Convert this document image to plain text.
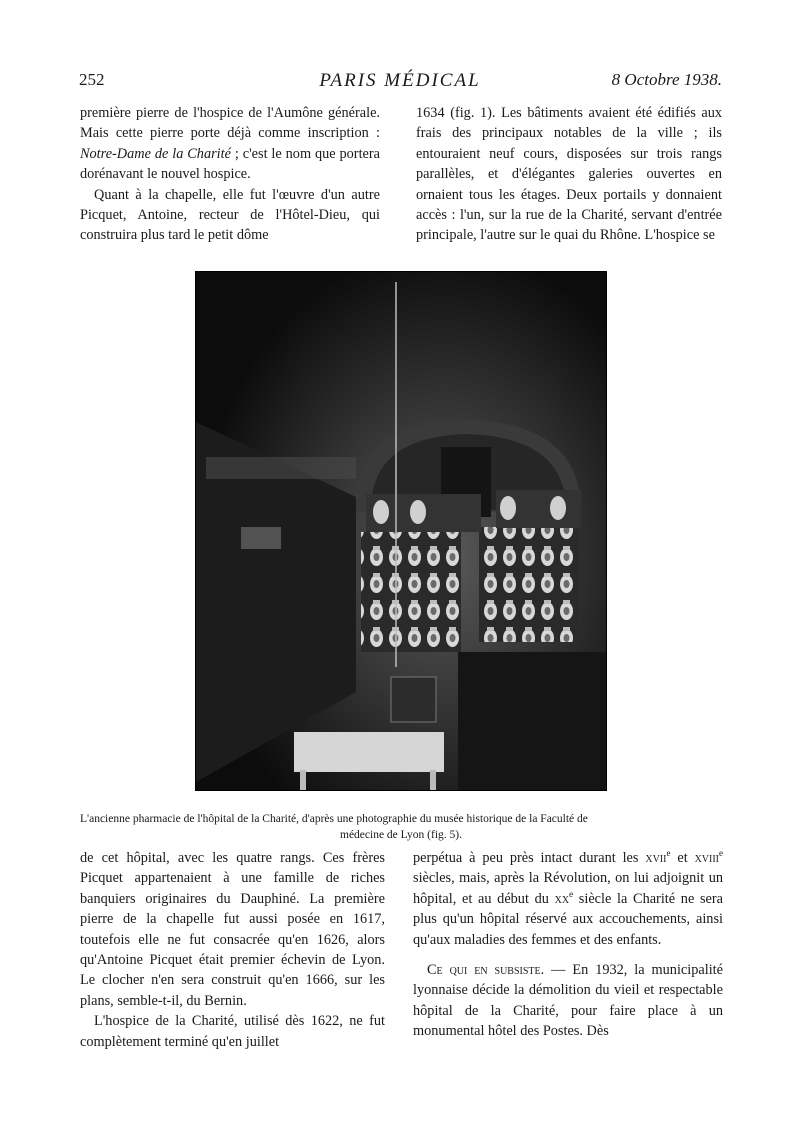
252	PARIS MÉDICAL	8 Octobre 1938.

première pierre de l'hospice de l'Aumône générale. Mais cette pierre porte déjà comme inscription : Notre-Dame de la Charité ; c'est le nom que portera dorénavant le nouvel hospice.

Quant à la chapelle, elle fut l'œuvre d'un autre Picquet, Antoine, recteur de l'Hôtel-Dieu, qui construira plus tard le petit dôme

1634 (fig. 1). Les bâtiments avaient été édifiés aux frais des principaux notables de la ville ; ils entouraient neuf cours, disposées sur trois rangs parallèles, et d'élégantes galeries ouvertes en ornaient tous les étages. Deux portails y donnaient accès : l'un, sur la rue de la Charité, servant d'entrée principale, l'autre sur le quai du Rhône. L'hospice se

L'ancienne pharmacie de l'hôpital de la Charité, d'après une photographie du musée historique de la Faculté de
médecine de Lyon (fig. 5).

de cet hôpital, avec les quatre rangs. Ces frères Picquet appartenaient à une famille de riches banquiers originaires du Dauphiné. La première pierre de la chapelle fut aussi posée en 1617, toutefois elle ne fut consacrée qu'en 1626, alors qu'Antoine Picquet était premier échevin de Lyon. Le clocher n'en sera construit qu'en 1666, sur les plans, semble-t-il, du Bernin.

L'hospice de la Charité, utilisé dès 1622, ne fut complètement terminé qu'en juillet

perpétua à peu près intact durant les xvii$^e$ et xviii$^e$ siècles, mais, après la Révolution, on lui adjoignit un hôpital, et au début du $xx^e$ siècle la Charité ne sera plus qu'un hôpital réservé aux accouchements, ainsi qu'aux maladies des femmes et des enfants.

Ce qui en subsiste. — En 1932, la municipalité lyonnaise décide la démolition du vieil et respectable hôpital de la Charité, pour faire place à un monumental hôtel des Postes. Dès
